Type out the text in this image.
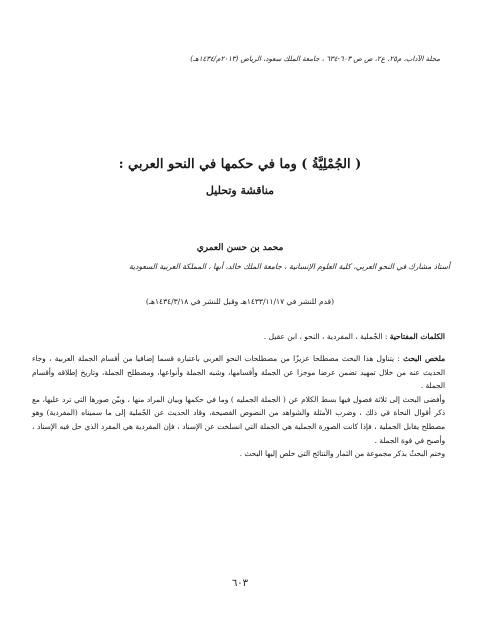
مجلة الآداب، م٢٥، ع٢، ص ص ٦٠٣-٦٣٤ ، جامعة الملك سعود، الرياض (٢٠١٣م/١٤٣٤هـ)
( الجُمْلِيَّةُ ) وما في حكمها في النحو العربي :
مناقشة وتحليل
محمد بن حسن العمري
أستاذ مشارك في النحو العربي، كلية العلوم الإنسانية ، جامعة الملك خالد، أبها ، المملكة العربية السعودية
(قدم للنشر في ١٤٣٣/١١/١٧هـ وقبل للنشر في ١٤٣٤/٣/١٨هـ)
الكلمات المفتاحية : الجُملية ، المفردية ، النحو ، ابن عقيل .

ملخص البحث : يتناول هذا البحث مصطلحا عزيزًا من مصطلحات النحو العربي باعتباره قسما إضافيا من أقسام الجملة العربية ، وجاء الحديث عنه من خلال تمهيد تضمن عرضا موجزا عن الجملة وأقسامها، وشبه الجملة وأنواعها، ومصطلح الجملة، وتاريخ إطلاقه وأقسام الجملة .

وأفضى البحث إلى ثلاثة فصول فيها بسط الكلام عن ( الجملة الجمليه ) وما في حكمها وبيان المراد منها ، وبيّن صورها التي ترد عليها، مع ذكر أقوال النحاة في ذلك ، وضرب الأمثلة والشواهد من النصوص الفصيحة، وقاد الحديث عن الجُملية إلى ما سميناه (المفردية) وهو مصطلح يقابل الجملية ، فإذا كانت الصورة الجملية هي الجملة التي انسلخت عن الإسناد ، فإن المفردية هي المفرد الذي حل فيه الإسناد ، وأصبح في قوة الجملة .

وختم البحثُ بذكر مجموعة من الثمار والنتائج التي خلص إليها البحث .

٦٠٣
